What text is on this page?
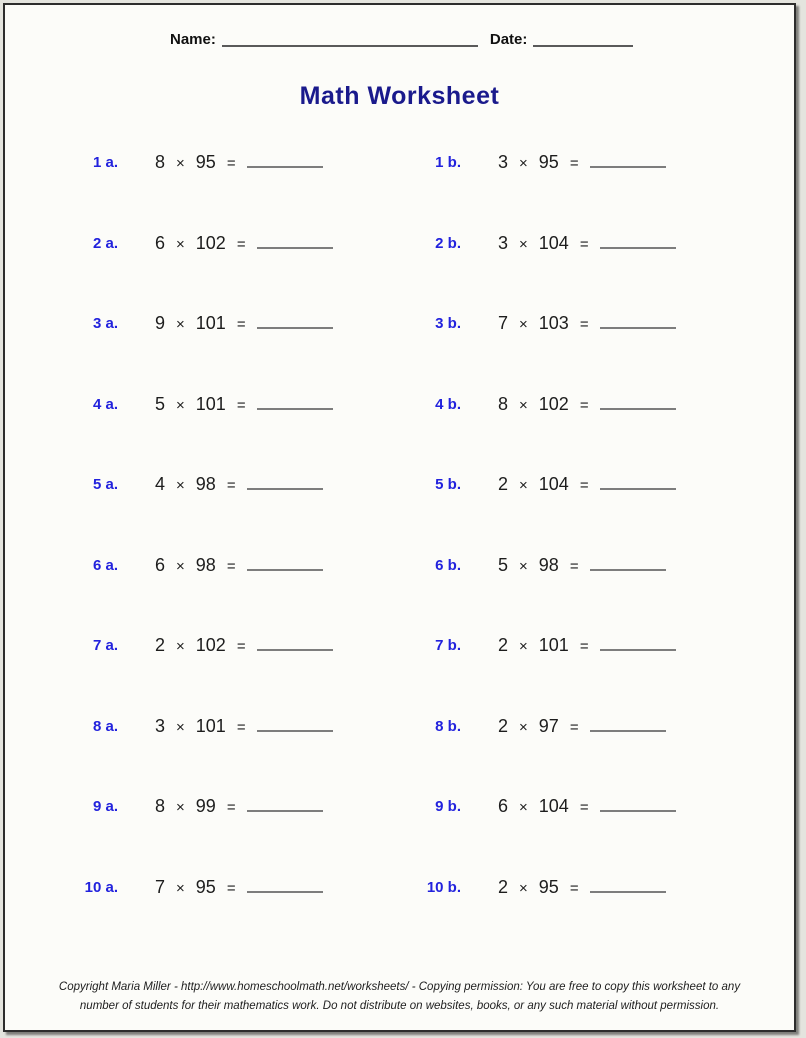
Name:	Date:
Math Worksheet
1 a. 8 × 95 =	1 b. 3 × 95 =
2 a. 6 × 102 =	2 b. 3 × 104 =
3 a. 9 × 101 =	3 b. 7 × 103 =
4 a. 5 × 101 =	4 b. 8 × 102 =
5 a. 4 × 98 =	5 b. 2 × 104 =
6 a. 6 × 98 =	6 b. 5 × 98 =
7 a. 2 × 102 =	7 b. 2 × 101 =
8 a. 3 × 101 =	8 b. 2 × 97 =
9 a. 8 × 99 =	9 b. 6 × 104 =
10 a. 7 × 95 =	10 b. 2 × 95 =
Copyright Maria Miller - http://www.homeschoolmath.net/worksheets/ - Copying permission: You are free to copy this worksheet to any
number of students for their mathematics work. Do not distribute on websites, books, or any such material without permission.
